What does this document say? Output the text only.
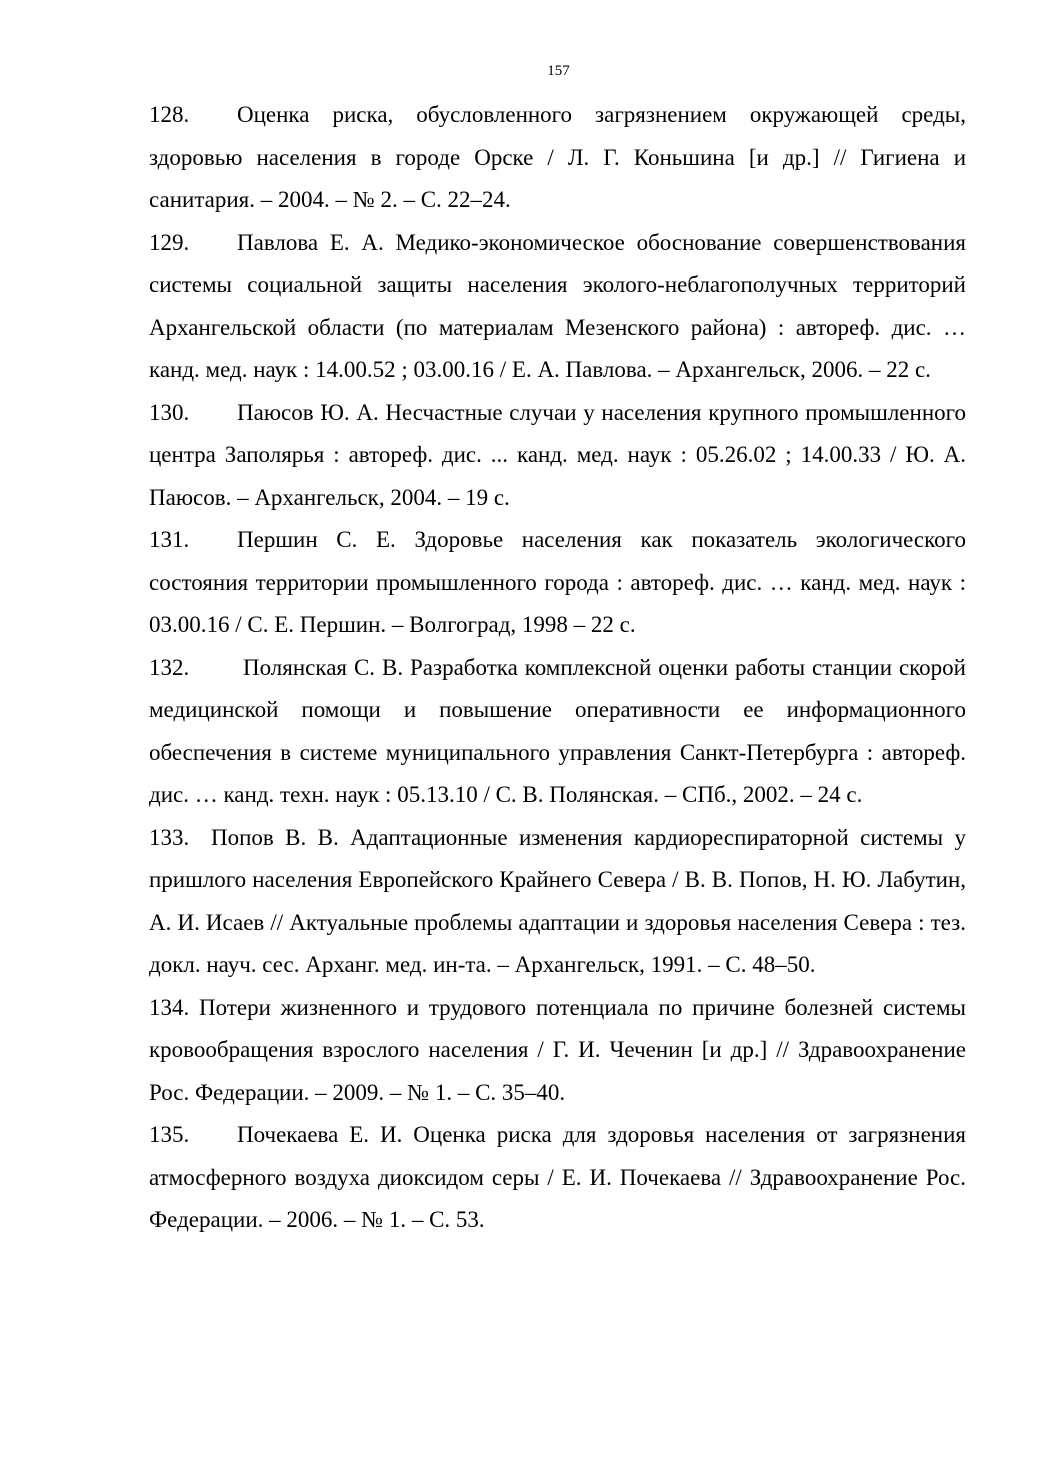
157

128. Оценка риска, обусловленного загрязнением окружающей среды, здоровью населения в городе Орске / Л. Г. Коньшина [и др.] // Гигиена и санитария. – 2004. – № 2. – С. 22–24.

129. Павлова Е. А. Медико-экономическое обоснование совершенствования системы социальной защиты населения эколого-неблагополучных территорий Архангельской области (по материалам Мезенского района) : автореф. дис. … канд. мед. наук : 14.00.52 ; 03.00.16 / Е. А. Павлова. – Архангельск, 2006. – 22 с.

130. Паюсов Ю. А. Несчастные случаи у населения крупного промышленного центра Заполярья : автореф. дис. ... канд. мед. наук : 05.26.02 ; 14.00.33 / Ю. А. Паюсов. – Архангельск, 2004. – 19 с.

131. Першин С. Е. Здоровье населения как показатель экологического состояния территории промышленного города : автореф. дис. … канд. мед. наук : 03.00.16 / С. Е. Першин. – Волгоград, 1998 – 22 с.

132. Полянская С. В. Разработка комплексной оценки работы станции скорой медицинской помощи и повышение оперативности ее информационного обеспечения в системе муниципального управления Санкт-Петербурга : автореф. дис. … канд. техн. наук : 05.13.10 / С. В. Полянская. – СПб., 2002. – 24 с.

133. Попов В. В. Адаптационные изменения кардиореспираторной системы у пришлого населения Европейского Крайнего Севера / В. В. Попов, Н. Ю. Лабутин, А. И. Исаев // Актуальные проблемы адаптации и здоровья населения Севера : тез. докл. науч. сес. Арханг. мед. ин-та. – Архангельск, 1991. – С. 48–50.

134. Потери жизненного и трудового потенциала по причине болезней системы кровообращения взрослого населения / Г. И. Чеченин [и др.] // Здравоохранение Рос. Федерации. – 2009. – № 1. – С. 35–40.

135. Почекаева Е. И. Оценка риска для здоровья населения от загрязнения атмосферного воздуха диоксидом серы / Е. И. Почекаева // Здравоохранение Рос. Федерации. – 2006. – № 1. – С. 53.
